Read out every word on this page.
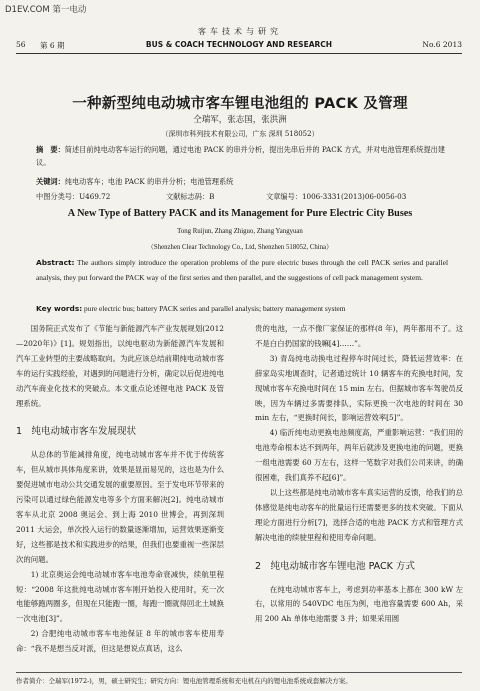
D1EV.COM 第一电动
客车技术与研究
56 第 6 期	BUS & COACH TECHNOLOGY AND RESEARCH	No.6 2013
一种新型纯电动城市客车锂电池组的 PACK 及管理
仝瑞军，张志国，张洪洲
（深圳市科列技术有限公司，广东 深圳 518052）
摘　要：简述目前纯电动客车运行的问题，通过电池 PACK 的串并分析，提出先串后并的 PACK 方式，并对电池管理系统提出建议。
关键词：纯电动客车；电池 PACK 的串并分析；电池管理系统
中图分类号：U469.72	文献标志码：B	文章编号：1006-3331(2013)06-0056-03
A New Type of Battery PACK and its Management for Pure Electric City Buses
Tong Ruijun, Zhang Zhiguo, Zhang Yangyuan
（Shenzhen Clear Technology Co., Ltd, Shenzhen 518052, China）
Abstract: The authors simply introduce the operation problems of the pure electric buses through the cell PACK series and parallel analysis, they put forward the PACK way of the first series and then parallel, and the suggestions of cell pack management system.
Key words: pure electric bus; battery PACK series and parallel analysis; battery management system

国务院正式发布了《节能与新能源汽车产业发展规划(2012—2020年)》[1]。规划指出，以纯电驱动为新能源汽车发展和汽车工业转型的主要战略取向。为此应该总结前期纯电动城市客车的运行实践经验，对遇到的问题进行分析，确定以后促进纯电动汽车商业化技术的突破点。本文重点论述锂电池 PACK 及管理系统。

1　纯电动城市客车发展现状

从总体的节能减排角度，纯电动城市客车并不优于传统客车，但从城市具体角度来讲，效果是显而易见的，这也是为什么要促进城市电动公共交通发展的重要原因。至于发电环节带来的污染可以通过绿色能源发电等多个方面来解决[2]。纯电动城市客车从北京 2008 奥运会、到上海 2010 世博会，再到深圳 2011 大运会，单次投入运行的数量逐渐增加，运营效果逐渐变好，这些都是技术和实践进步的结果，但我们也要重视一些深层次的问题。

1) 北京奥运会纯电动城市客车电池寿命衰减快，续航里程短：“2008 年这批纯电动城市客车刚开始投入使用时，充一次电能够跑两圈多，但现在只能跑一圈，每跑一圈就得回北土城换一次电池[3]”。

2) 合肥纯电动城市客车电池保证 8 年的城市客车使用寿命：“我不是想当反对派，但这是想说点真话，这么

贵的电池，一点不像厂家保证的那样(8 年)，两年都用不了。这不是白白扔国家的钱嘛[4]……”。

3) 青岛纯电动换电过程停车时间过长，降低运营效率：在薛家岛实地调查时，记者通过统计 10 辆客车的充换电时间，发现城市客车充换电时间在 15 min 左右。但据城市客车驾驶员反映，因为车辆过多需要排队，实际更换一次电池的时间在 30 min 左右，“更换时间长，影响运营效率[5]”。

4) 临沂纯电动更换电池频度高，严重影响运营：“我们用的电池寿命根本达不到两年，两年后就涉及更换电池的问题，更换一组电池需要 60 万左右，这样一笔数字对我们公司来讲，的确很困难，我们真养不起[6]”。

以上这些都是纯电动城市客车真实运营的反馈，给我们的总体感觉是纯电动客车的批量运行还需要更多的技术突破。下面从理论方面进行分析[7]，选择合适的电池 PACK 方式和管理方式解决电池的续驶里程和使用寿命问题。

2　纯电动城市客车锂电池 PACK 方式

在纯电动城市客车上，考虑到功率基本上都在 300 kW 左右，以常用的 540VDC 电压为例，电池容量需要 600 Ah，采用 200 Ah 单体电池需要 3 并；如果采用圆

作者简介：仝瑞军(1972-)，男，硕士研究生；研究方向：锂电池管理系统和充电机在内的锂电池系统成套解决方案。
